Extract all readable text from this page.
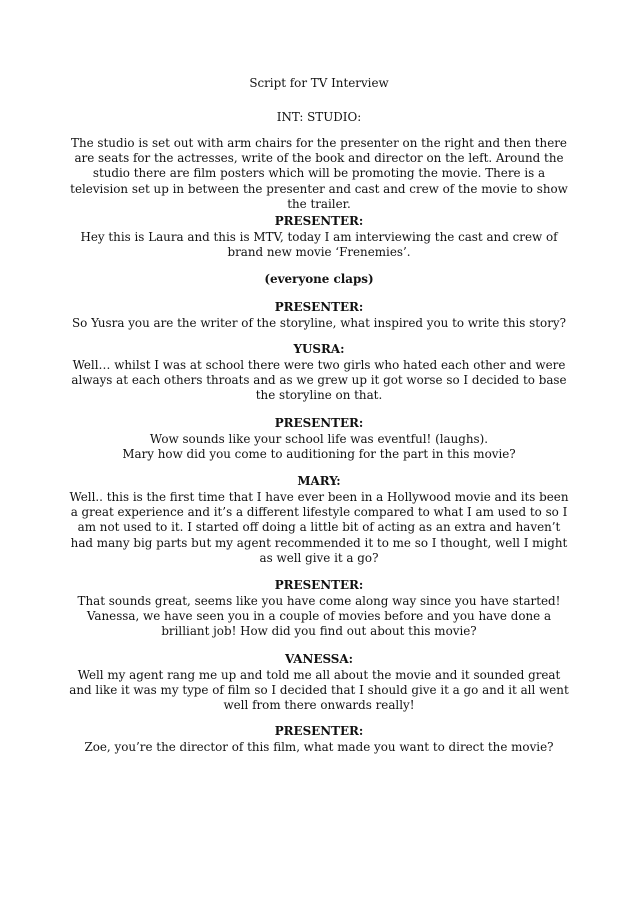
Script for TV Interview

INT: STUDIO:

The studio is set out with arm chairs for the presenter on the right and then there are seats for the actresses, write of the book and director on the left. Around the studio there are film posters which will be promoting the movie. There is a television set up in between the presenter and cast and crew of the movie to show the trailer.

PRESENTER:

Hey this is Laura and this is MTV, today I am interviewing the cast and crew of brand new movie ‘Frenemies’.

(everyone claps)

PRESENTER:

So Yusra you are the writer of the storyline, what inspired you to write this story?

YUSRA:

Well… whilst I was at school there were two girls who hated each other and were always at each others throats and as we grew up it got worse so I decided to base the storyline on that.

PRESENTER:

Wow sounds like your school life was eventful! (laughs).

Mary how did you come to auditioning for the part in this movie?

MARY:

Well.. this is the first time that I have ever been in a Hollywood movie and its been a great experience and it’s a different lifestyle compared to what I am used to so I am not used to it. I started off doing a little bit of acting as an extra and haven’t had many big parts but my agent recommended it to me so I thought, well I might as well give it a go?

PRESENTER:

That sounds great, seems like you have come along way since you have started! Vanessa, we have seen you in a couple of movies before and you have done a brilliant job! How did you find out about this movie?

VANESSA:

Well my agent rang me up and told me all about the movie and it sounded great and like it was my type of film so I decided that I should give it a go and it all went well from there onwards really!

PRESENTER:

Zoe, you’re the director of this film, what made you want to direct the movie?
